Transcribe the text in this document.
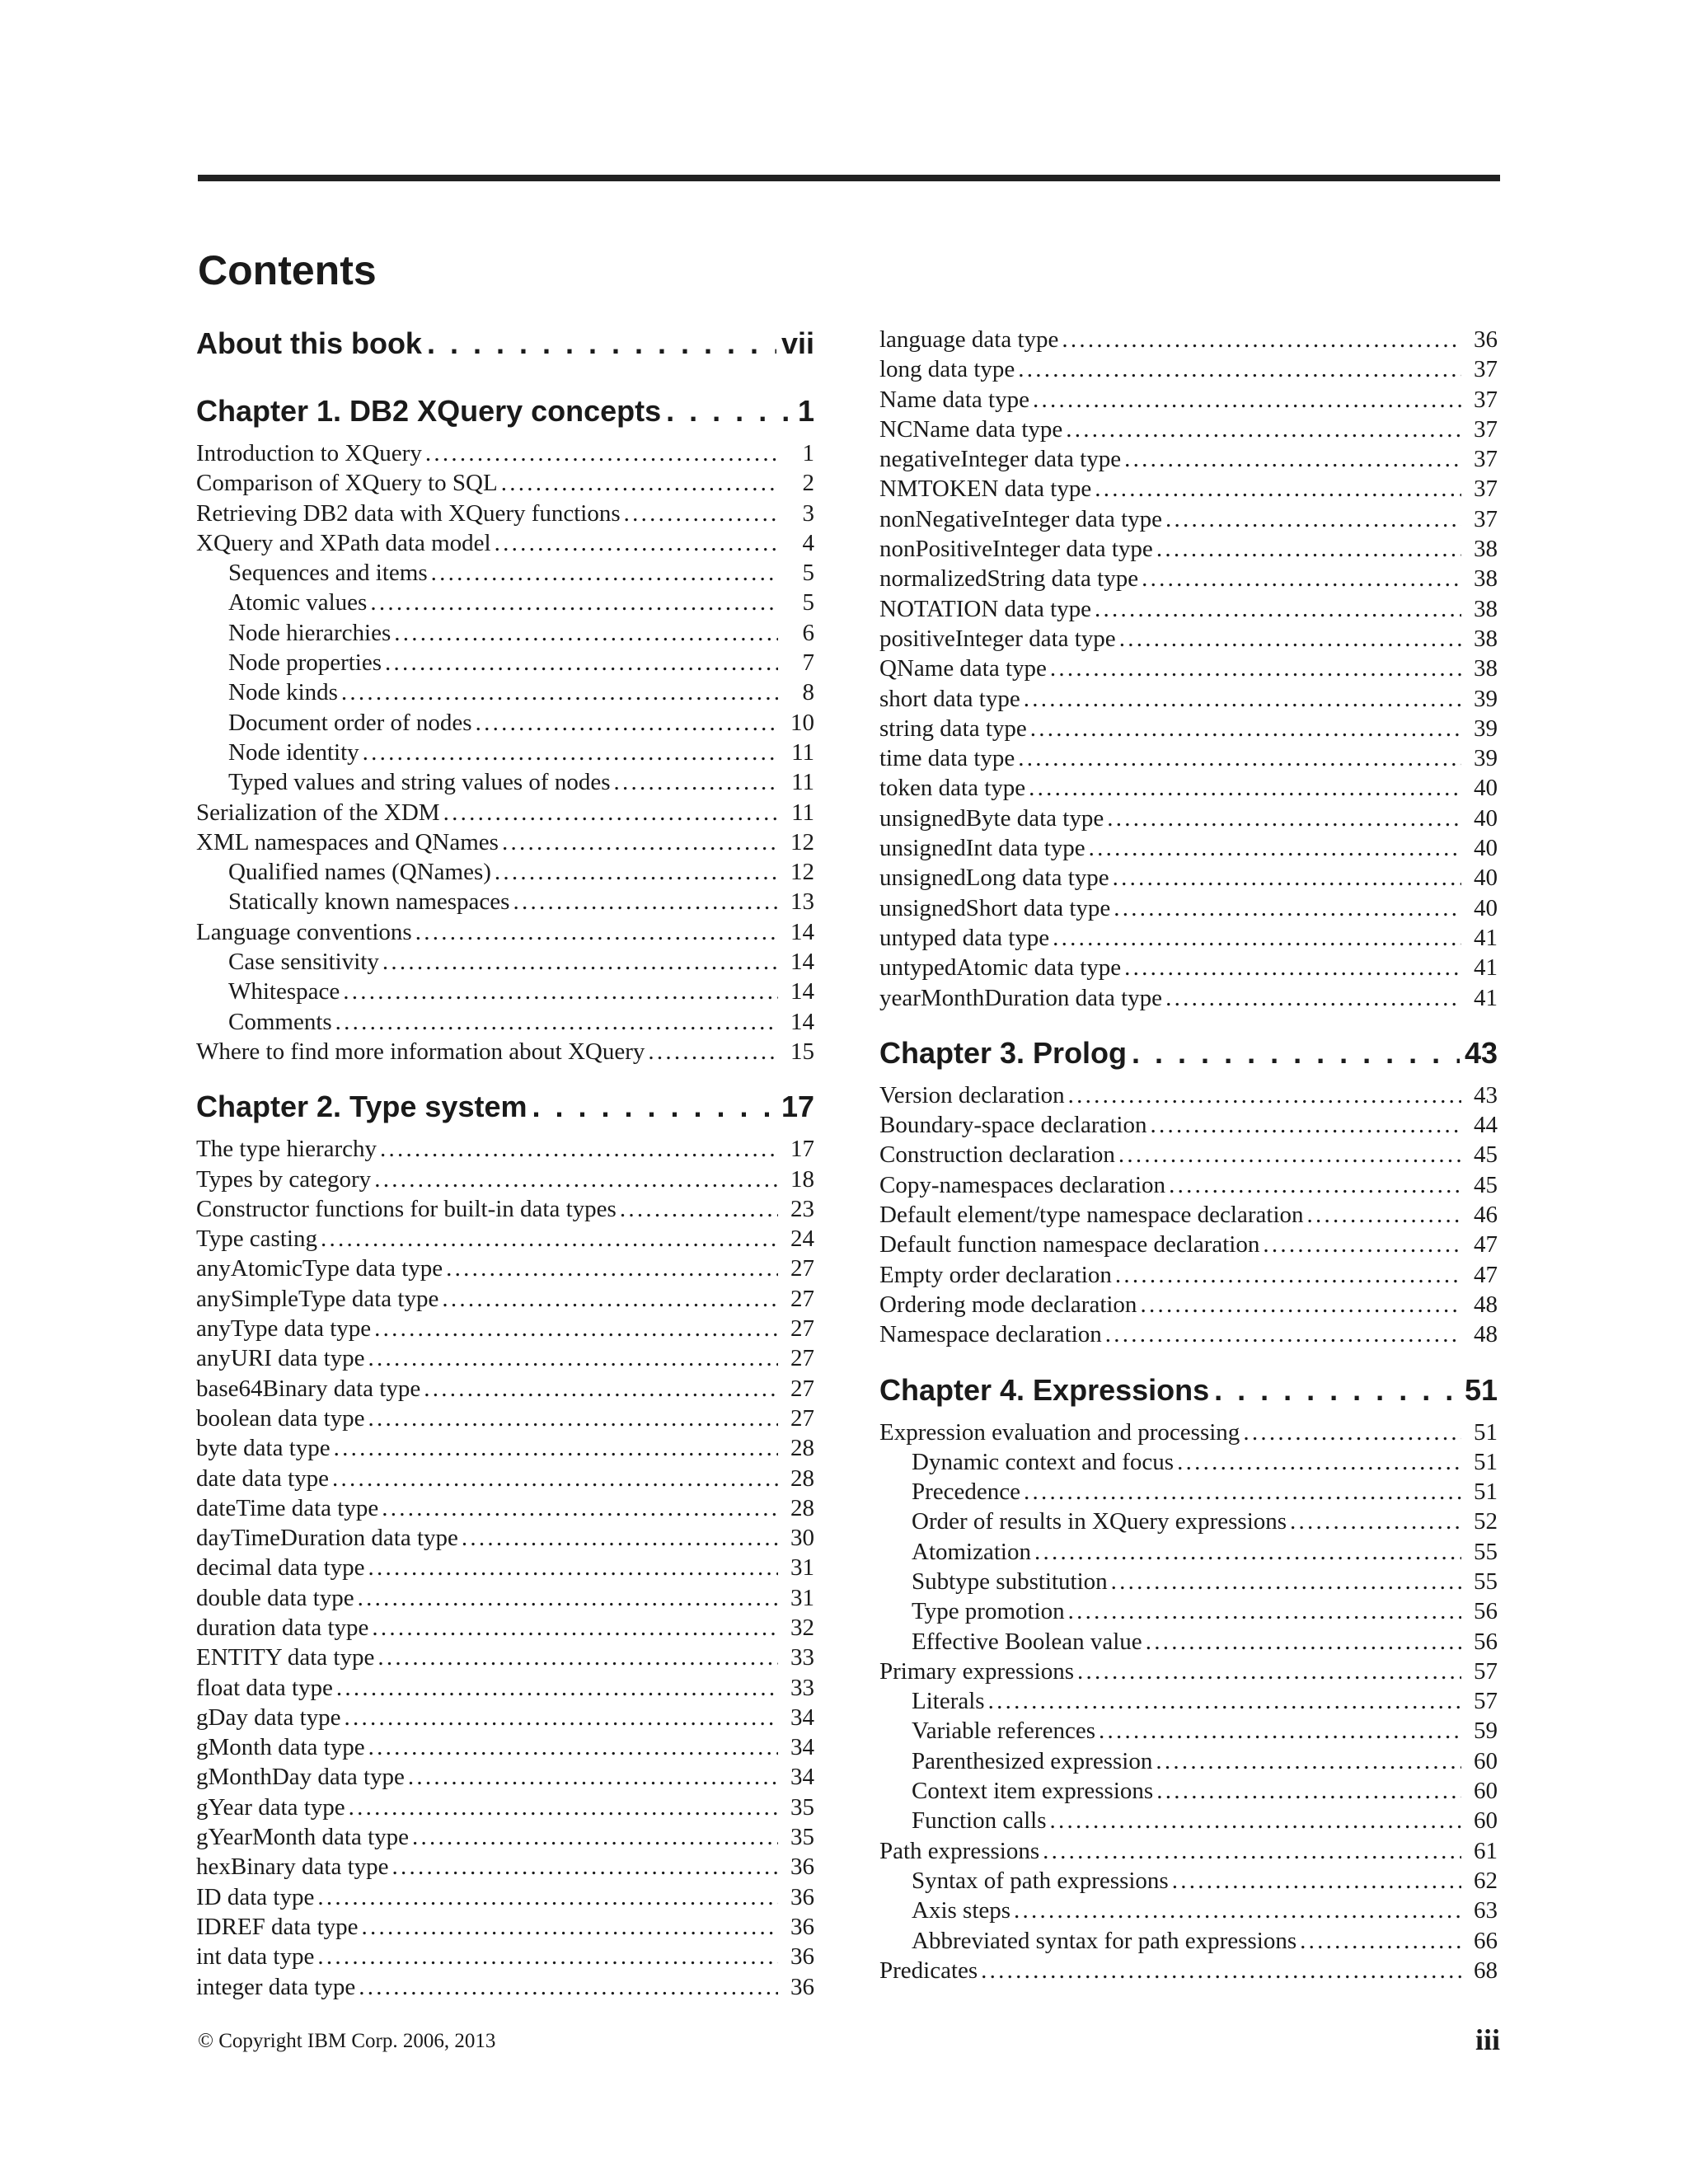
Contents
About this book . .	vii
Chapter 1. DB2 XQuery concepts . .	1
Introduction to XQuery . .	1
Comparison of XQuery to SQL . .	2
Retrieving DB2 data with XQuery functions . .	3
XQuery and XPath data model . .	4
Sequences and items . .	5
Atomic values . .	5
Node hierarchies . .	6
Node properties . .	7
Node kinds . .	8
Document order of nodes . .	10
Node identity . .	11
Typed values and string values of nodes . .	11
Serialization of the XDM . .	11
XML namespaces and QNames . .	12
Qualified names (QNames) . .	12
Statically known namespaces . .	13
Language conventions . .	14
Case sensitivity . .	14
Whitespace . .	14
Comments . .	14
Where to find more information about XQuery . .	15
Chapter 2. Type system . .	17
The type hierarchy . .	17
Types by category . .	18
Constructor functions for built-in data types . .	23
Type casting . .	24
anyAtomicType data type . .	27
anySimpleType data type . .	27
anyType data type . .	27
anyURI data type . .	27
base64Binary data type . .	27
boolean data type . .	27
byte data type . .	28
date data type . .	28
dateTime data type . .	28
dayTimeDuration data type . .	30
decimal data type . .	31
double data type . .	31
duration data type . .	32
ENTITY data type . .	33
float data type . .	33
gDay data type . .	34
gMonth data type . .	34
gMonthDay data type . .	34
gYear data type . .	35
gYearMonth data type . .	35
hexBinary data type . .	36
ID data type . .	36
IDREF data type . .	36
int data type . .	36
integer data type . .	36
language data type . .	36
long data type . .	37
Name data type . .	37
NCName data type . .	37
negativeInteger data type . .	37
NMTOKEN data type . .	37
nonNegativeInteger data type . .	37
nonPositiveInteger data type . .	38
normalizedString data type . .	38
NOTATION data type . .	38
positiveInteger data type . .	38
QName data type . .	38
short data type . .	39
string data type . .	39
time data type . .	39
token data type . .	40
unsignedByte data type . .	40
unsignedInt data type . .	40
unsignedLong data type . .	40
unsignedShort data type . .	40
untyped data type . .	41
untypedAtomic data type . .	41
yearMonthDuration data type . .	41
Chapter 3. Prolog . .	43
Version declaration . .	43
Boundary-space declaration . .	44
Construction declaration . .	45
Copy-namespaces declaration . .	45
Default element/type namespace declaration . .	46
Default function namespace declaration . .	47
Empty order declaration . .	47
Ordering mode declaration . .	48
Namespace declaration . .	48
Chapter 4. Expressions . .	51
Expression evaluation and processing . .	51
Dynamic context and focus . .	51
Precedence . .	51
Order of results in XQuery expressions . .	52
Atomization . .	55
Subtype substitution . .	55
Type promotion . .	56
Effective Boolean value . .	56
Primary expressions . .	57
Literals . .	57
Variable references . .	59
Parenthesized expression . .	60
Context item expressions . .	60
Function calls . .	60
Path expressions . .	61
Syntax of path expressions . .	62
Axis steps . .	63
Abbreviated syntax for path expressions . .	66
Predicates . .	68
© Copyright IBM Corp. 2006, 2013	iii
